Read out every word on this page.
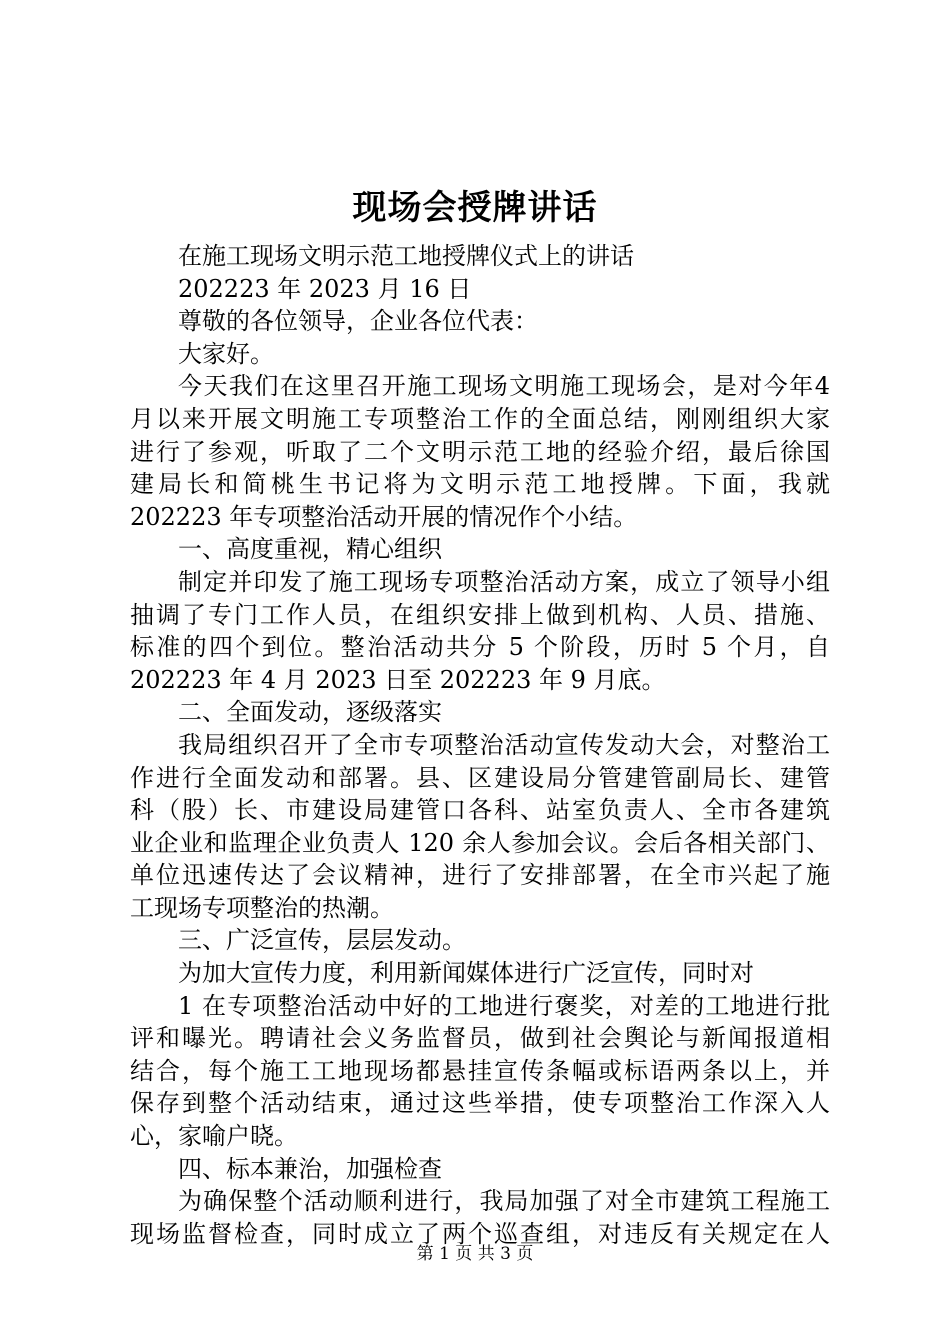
现场会授牌讲话
在施工现场文明示范工地授牌仪式上的讲话
202223 年 2023 月 16 日
尊敬的各位领导，企业各位代表：
大家好。
今天我们在这里召开施工现场文明施工现场会，是对今年4
月以来开展文明施工专项整治工作的全面总结，刚刚组织大家
进行了参观，听取了二个文明示范工地的经验介绍，最后徐国
建局长和简桃生书记将为文明示范工地授牌。下面，我就
202223 年专项整治活动开展的情况作个小结。
一、高度重视，精心组织
制定并印发了施工现场专项整治活动方案，成立了领导小组
抽调了专门工作人员，在组织安排上做到机构、人员、措施、
标准的四个到位。整治活动共分 5 个阶段，历时 5 个月，自
202223 年 4 月 2023 日至 202223 年 9 月底。
二、全面发动，逐级落实
我局组织召开了全市专项整治活动宣传发动大会，对整治工
作进行全面发动和部署。县、区建设局分管建管副局长、建管
科（股）长、市建设局建管口各科、站室负责人、全市各建筑
业企业和监理企业负责人 120 余人参加会议。会后各相关部门、
单位迅速传达了会议精神，进行了安排部署，在全市兴起了施
工现场专项整治的热潮。
三、广泛宣传，层层发动。
为加大宣传力度，利用新闻媒体进行广泛宣传，同时对
1 在专项整治活动中好的工地进行褒奖，对差的工地进行批
评和曝光。聘请社会义务监督员，做到社会舆论与新闻报道相
结合，每个施工工地现场都悬挂宣传条幅或标语两条以上，并
保存到整个活动结束，通过这些举措，使专项整治工作深入人
心，家喻户晓。
四、标本兼治，加强检查
为确保整个活动顺利进行，我局加强了对全市建筑工程施工
现场监督检查，同时成立了两个巡查组，对违反有关规定在人
第 1 页 共 3 页
